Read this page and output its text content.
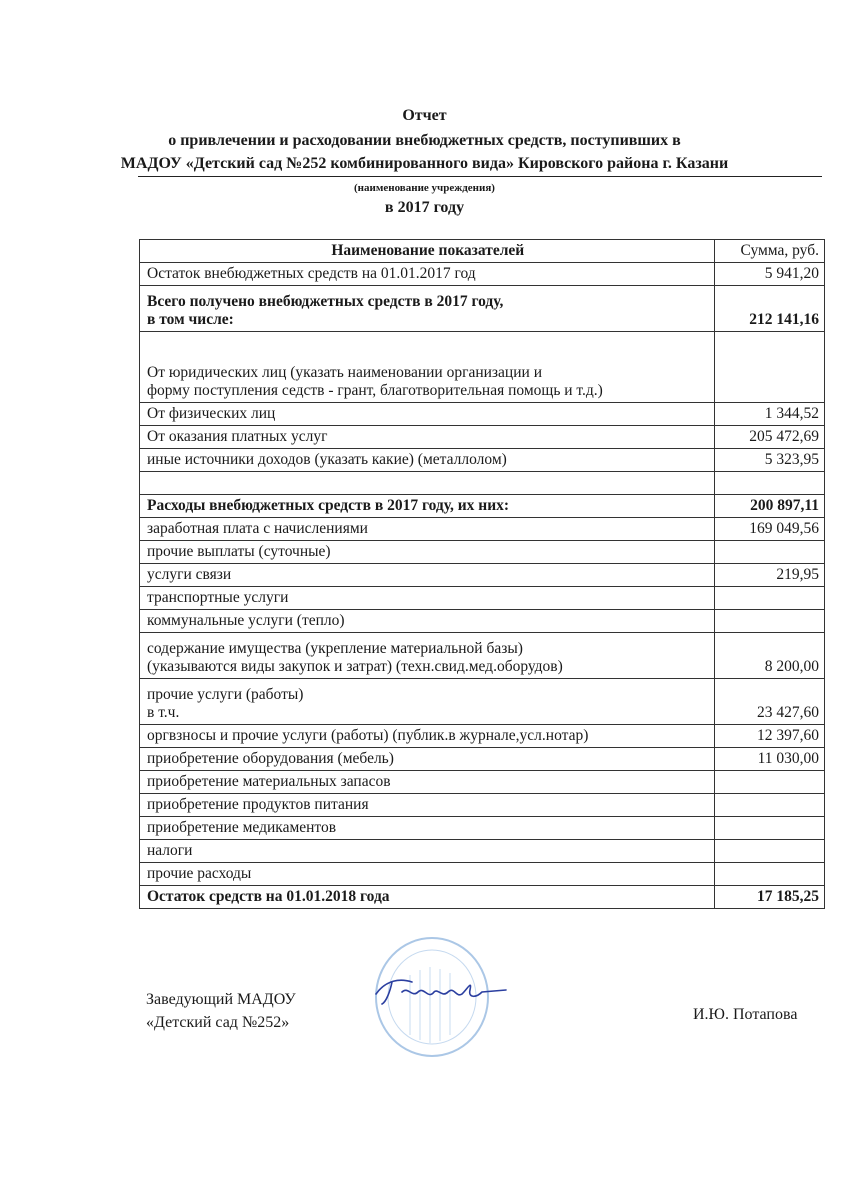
Отчет
о привлечении и расходовании внебюджетных средств, поступивших в
МАДОУ «Детский сад №252 комбинированного вида» Кировского района г. Казани
(наименование учреждения)
в 2017 году
Наименование показателей	Сумма, руб.
Остаток внебюджетных средств на 01.01.2017 год	5 941,20

Всего получено внебюджетных средств в 2017 году,
в том числе:	212 141,16

От юридических лиц (указать наименовании организации и
форму поступления седств - грант, благотворительная помощь и т.д.)	

От физических лиц	1 344,52
От оказания платных услуг	205 472,69
иные источники доходов (указать какие) (металлолом)	5 323,95

Расходы внебюджетных средств в 2017 году, их них:	200 897,11
заработная плата с начислениями	169 049,56
прочие выплаты (суточные)	
услуги связи	219,95
транспортные услуги	
коммунальные услуги (тепло)	

содержание имущества (укрепление материальной базы)
(указываются виды закупок и затрат) (техн.свид.мед.оборудов)	8 200,00

прочие услуги (работы)
в т.ч.	23 427,60
оргвзносы и прочие услуги (работы) (публик.в журнале,усл.нотар)	12 397,60
приобретение оборудования (мебель)	11 030,00
приобретение материальных запасов	
приобретение продуктов питания	
приобретение медикаментов	
налоги	
прочие расходы	
Остаток средств на 01.01.2018 года	17 185,25
Заведующий МАДОУ
«Детский сад №252»	И.Ю. Потапова
